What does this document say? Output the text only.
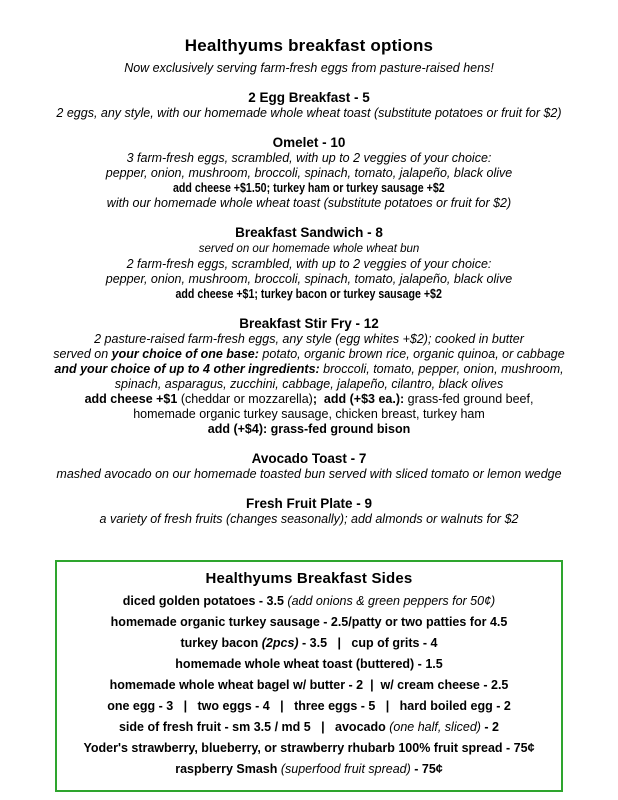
Healthyums breakfast options
Now exclusively serving farm-fresh eggs from pasture-raised hens!
2 Egg Breakfast - 5
2 eggs, any style, with our homemade whole wheat toast (substitute potatoes or fruit for $2)
Omelet - 10
3 farm-fresh eggs, scrambled, with up to 2 veggies of your choice:
pepper, onion, mushroom, broccoli, spinach, tomato, jalapeño, black olive
add cheese +$1.50; turkey ham or turkey sausage +$2
with our homemade whole wheat toast (substitute potatoes or fruit for $2)
Breakfast Sandwich - 8
served on our homemade whole wheat bun
2 farm-fresh eggs, scrambled, with up to 2 veggies of your choice:
pepper, onion, mushroom, broccoli, spinach, tomato, jalapeño, black olive
add cheese +$1; turkey bacon or turkey sausage +$2
Breakfast Stir Fry - 12
2 pasture-raised farm-fresh eggs, any style (egg whites +$2); cooked in butter
served on your choice of one base: potato, organic brown rice, organic quinoa, or cabbage
and your choice of up to 4 other ingredients: broccoli, tomato, pepper, onion, mushroom,
spinach, asparagus, zucchini, cabbage, jalapeño, cilantro, black olives
add cheese +$1 (cheddar or mozzarella);  add (+$3 ea.): grass-fed ground beef,
homemade organic turkey sausage, chicken breast, turkey ham
add (+$4): grass-fed ground bison
Avocado Toast - 7
mashed avocado on our homemade toasted bun served with sliced tomato or lemon wedge
Fresh Fruit Plate - 9
a variety of fresh fruits (changes seasonally); add almonds or walnuts for $2
Healthyums Breakfast Sides
diced golden potatoes - 3.5 (add onions & green peppers for 50¢)
homemade organic turkey sausage - 2.5/patty or two patties for 4.5
turkey bacon (2pcs) - 3.5   |   cup of grits - 4
homemade whole wheat toast (buttered) - 1.5
homemade whole wheat bagel w/ butter - 2  |  w/ cream cheese - 2.5
one egg - 3   |   two eggs - 4   |   three eggs - 5   |   hard boiled egg - 2
side of fresh fruit - sm 3.5 / md 5   |   avocado (one half, sliced) - 2
Yoder's strawberry, blueberry, or strawberry rhubarb 100% fruit spread - 75¢
raspberry Smash (superfood fruit spread) - 75¢
